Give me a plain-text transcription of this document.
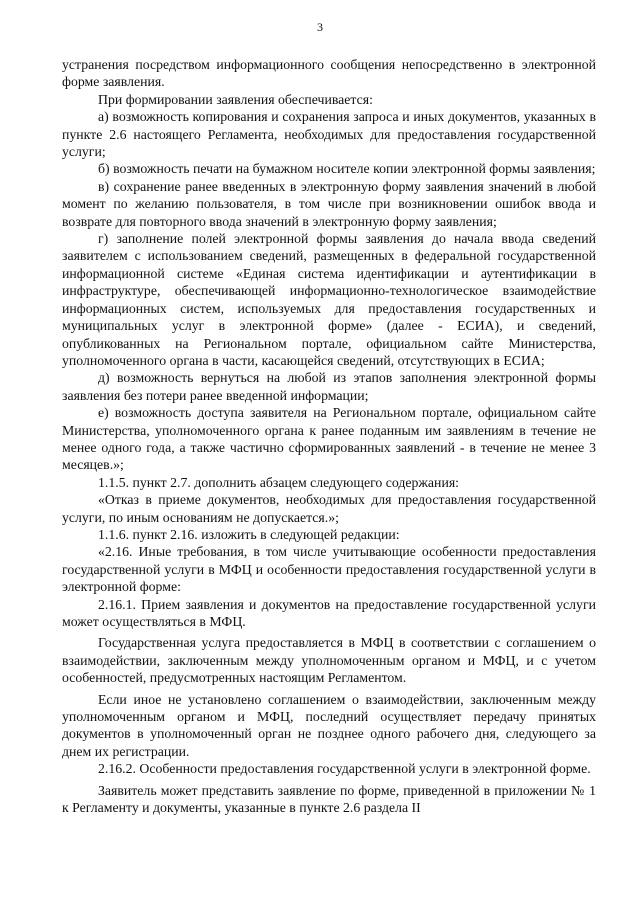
3

устранения посредством информационного сообщения непосредственно в электронной форме заявления.

При формировании заявления обеспечивается:

а) возможность копирования и сохранения запроса и иных документов, указанных в пункте 2.6 настоящего Регламента, необходимых для предоставления государственной услуги;

б) возможность печати на бумажном носителе копии электронной формы заявления;

в) сохранение ранее введенных в электронную форму заявления значений в любой момент по желанию пользователя, в том числе при возникновении ошибок ввода и возврате для повторного ввода значений в электронную форму заявления;

г) заполнение полей электронной формы заявления до начала ввода сведений заявителем с использованием сведений, размещенных в федеральной государственной информационной системе «Единая система идентификации и аутентификации в инфраструктуре, обеспечивающей информационно-технологическое взаимодействие информационных систем, используемых для предоставления государственных и муниципальных услуг в электронной форме» (далее - ЕСИА), и сведений, опубликованных на Региональном портале, официальном сайте Министерства, уполномоченного органа в части, касающейся сведений, отсутствующих в ЕСИА;

д) возможность вернуться на любой из этапов заполнения электронной формы заявления без потери ранее введенной информации;

е) возможность доступа заявителя на Региональном портале, официальном сайте Министерства, уполномоченного органа к ранее поданным им заявлениям в течение не менее одного года, а также частично сформированных заявлений - в течение не менее 3 месяцев.»;

1.1.5. пункт 2.7. дополнить абзацем следующего содержания:

«Отказ в приеме документов, необходимых для предоставления государственной услуги, по иным основаниям не допускается.»;

1.1.6. пункт 2.16. изложить в следующей редакции:

«2.16. Иные требования, в том числе учитывающие особенности предоставления государственной услуги в МФЦ и особенности предоставления государственной услуги в электронной форме:

2.16.1. Прием заявления и документов на предоставление государственной услуги может осуществляться в МФЦ.

Государственная услуга предоставляется в МФЦ в соответствии с соглашением о взаимодействии, заключенным между уполномоченным органом и МФЦ, и с учетом особенностей, предусмотренных настоящим Регламентом.

Если иное не установлено соглашением о взаимодействии, заключенным между уполномоченным органом и МФЦ, последний осуществляет передачу принятых документов в уполномоченный орган не позднее одного рабочего дня, следующего за днем их регистрации.

2.16.2. Особенности предоставления государственной услуги в электронной форме.

Заявитель может представить заявление по форме, приведенной в приложении № 1 к Регламенту и документы, указанные в пункте 2.6 раздела II
